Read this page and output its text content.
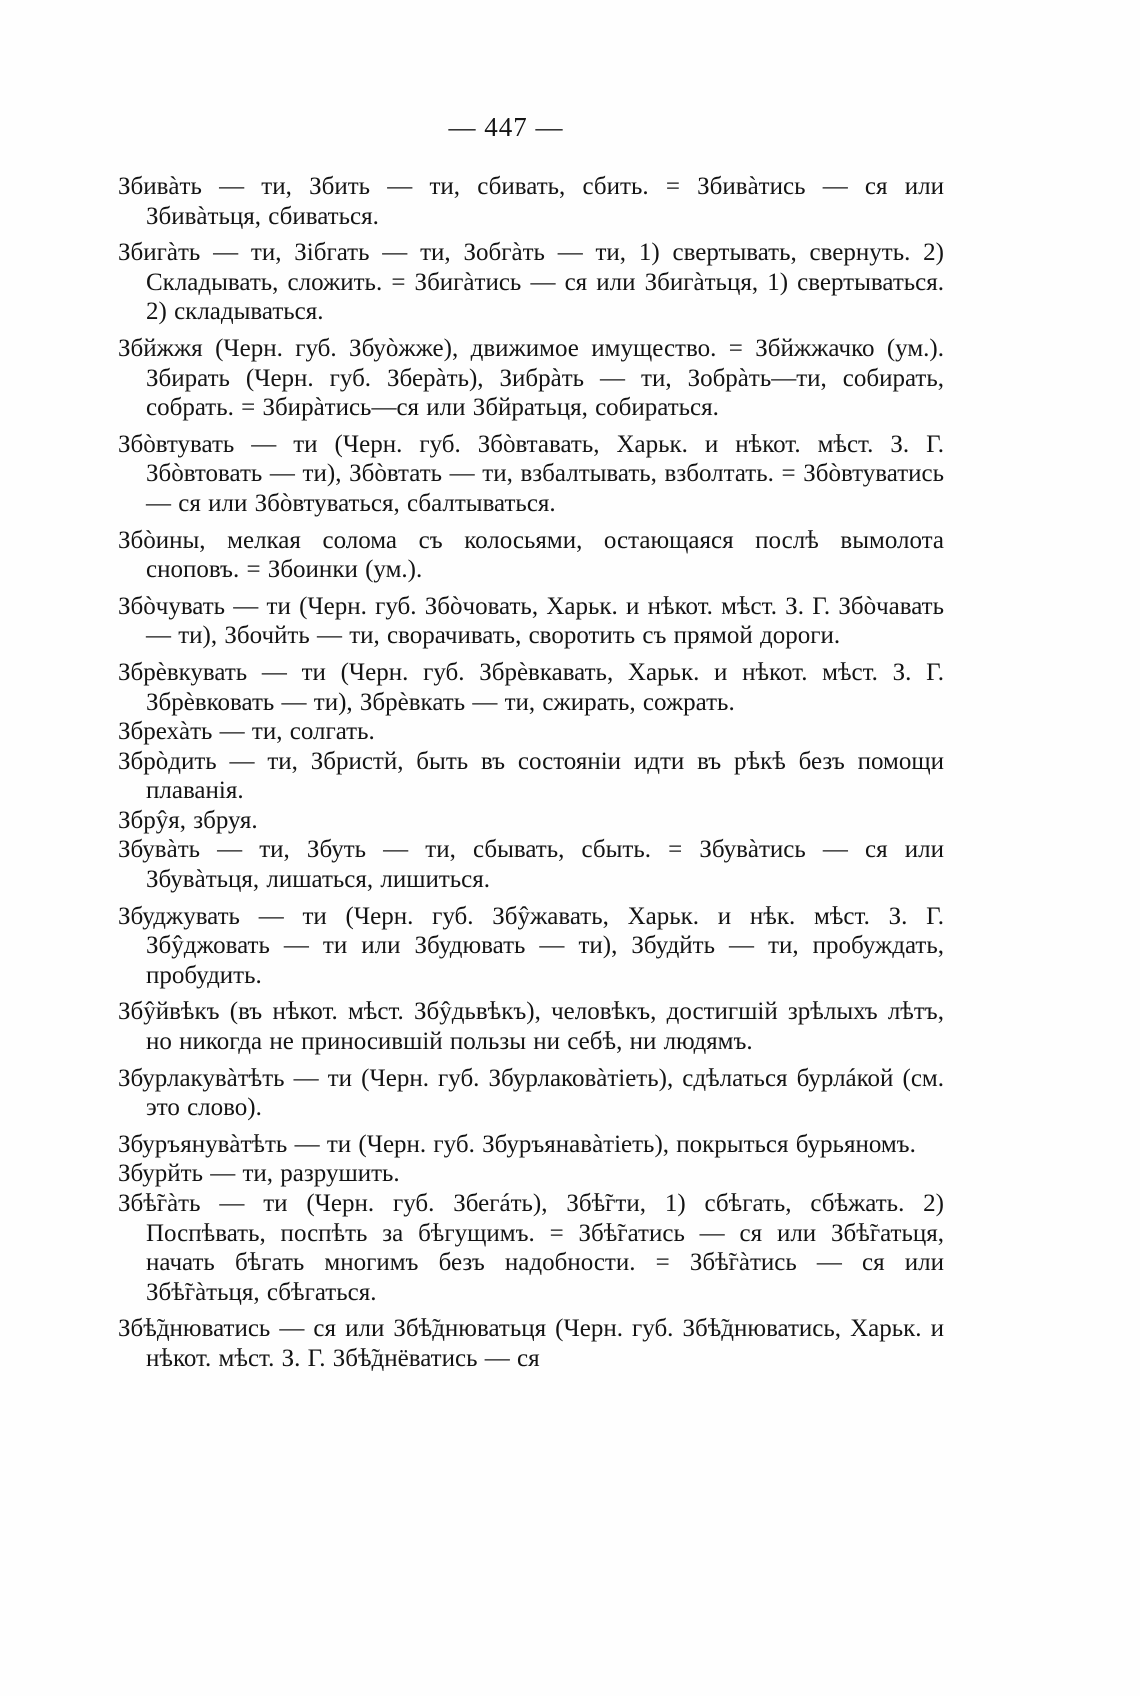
— 447 —

Збивàть — ти, Збить — ти, сбивать, сбить. = Збивàтись — ся или Збивàтьця, сбиваться.

Збигàть — ти, Зiбгать — ти, Зобгàть — ти, 1) свертывать, свернуть. 2) Складывать, сложить. = Збигàтись — ся или Збигàтьця, 1) свертываться. 2) складываться.

Збйжжя (Черн. губ. Збуòжже), движимое имущество. = Збйжжачко (ум.). Збирать (Черн. губ. Зберàть), Зибрàть — ти, Зобрàть—ти, собирать, собрать. = Збирàтись—ся или Збйратьця, собираться.

Збòвтувать — ти (Черн. губ. Збòвтавать, Харьк. и нѣкот. мѣст. З. Г. Збòвтовать — ти), Збòвтать — ти, взбалтывать, взболтать. = Збòвтуватись — ся или Збòвтуваться, сбалтываться.

Збòины, мелкая солома съ колосьями, остающаяся послѣ вымолота сноповъ. = Збоинки (ум.).

Збòчувать — ти (Черн. губ. Збòчовать, Харьк. и нѣкот. мѣст. З. Г. Збòчавать — ти), Збочйть — ти, сворачивать, своротить съ прямой дороги.

Збрèвкувать — ти (Черн. губ. Збрèвкавать, Харьк. и нѣкот. мѣст. З. Г. Збрèвковать — ти), Збрèвкать — ти, сжирать, сожрать.

Збрехàть — ти, солгать.

Збрòдить — ти, Збристй, быть въ состоянiи идти въ рѣкѣ безъ помощи плаванiя.

Збрŷя, збруя.

Збувàть — ти, Збуть — ти, сбывать, сбыть. = Збувàтись — ся или Збувàтьця, лишаться, лишиться.

Збуджувать — ти (Черн. губ. Збŷжавать, Харьк. и нѣк. мѣст. З. Г. Збŷджовать — ти или Збудювать — ти), Збудйть — ти, пробуждать, пробудить.

Збŷйвѣкъ (въ нѣкот. мѣст. Збŷдьвѣкъ), человѣкъ, достигшiй зрѣлыхъ лѣтъ, но никогда не приносившiй пользы ни себѣ, ни людямъ.

Збурлакувàтѣть — ти (Черн. губ. Збурлаковàтiеть), сдѣлаться бурлáкой (см. это слово).

Збуръянувàтѣть — ти (Черн. губ. Збуръянавàтiеть), покрыться бурьяномъ.

Збурйть — ти, разрушить.

Збѣ̃гàть — ти (Черн. губ. Збегáть), Збѣ̃гти, 1) сбѣгать, сбѣжать. 2) Поспѣвать, поспѣть за бѣгущимъ. = Збѣ̃гатись — ся или Збѣ̃гатьця, начать бѣгать многимъ безъ надобности. = Збѣ̃гàтись — ся или Збѣ̃гàтьця, сбѣгаться.

Збѣ̃днюватись — ся или Збѣ̃днюватьця (Черн. губ. Збѣ̃днюватись, Харьк. и нѣкот. мѣст. З. Г. Збѣ̃днёватись — ся
